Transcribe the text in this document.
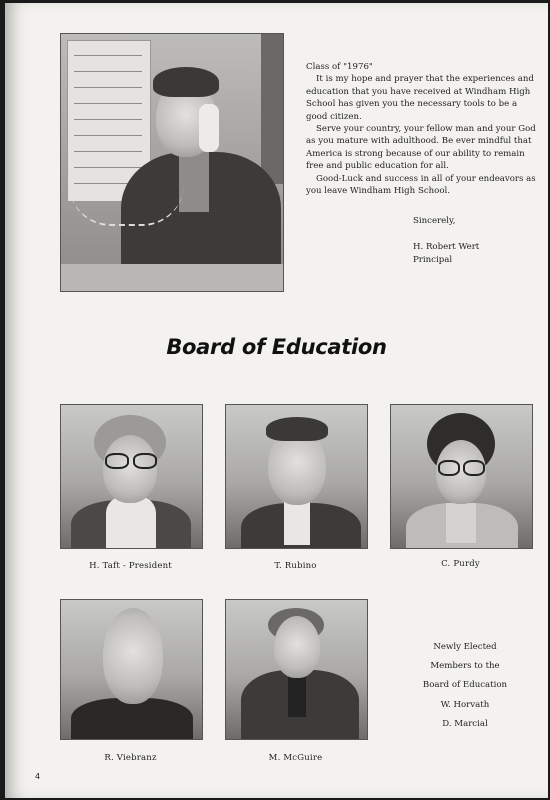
Class of "1976"

It is my hope and prayer that the experiences and education that you have received at Windham High School has given you the necessary tools to be a good citizen.

Serve your country, your fellow man and your God as you mature with adulthood. Be ever mindful that America is strong because of our ability to remain free and public education for all.

Good-Luck and success in all of your endeavors as you leave Windham High School.

Sincerely,
H. Robert Wert
Principal
Board of Education
H. Taft - President	T. Rubino	C. Purdy
R. Viebranz	M. McGuire
Newly Elected
Members to the
Board of Education
W. Horvath
D. Marcial
4
